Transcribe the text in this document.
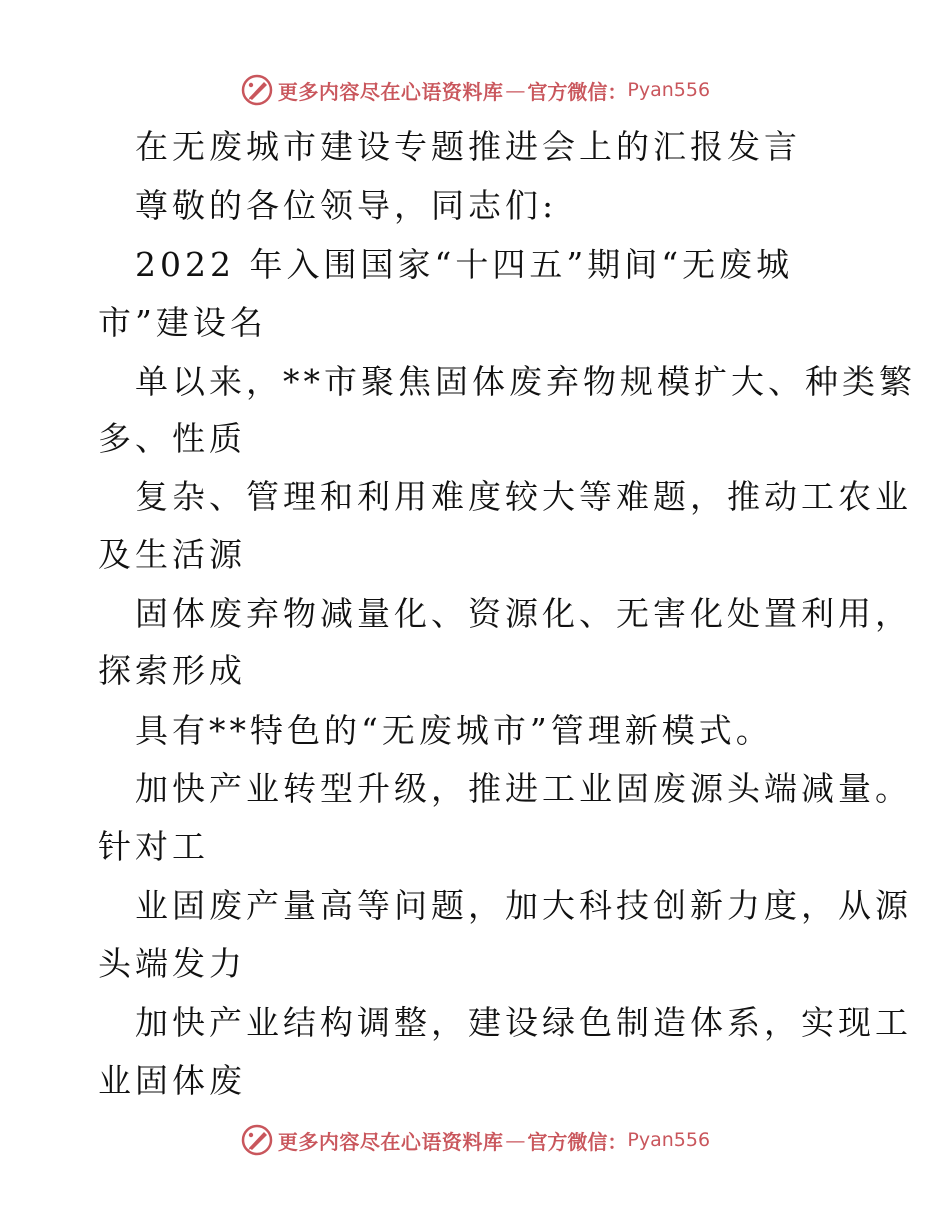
更多内容尽在心语资料库 — 官方微信： Pyan556
在无废城市建设专题推进会上的汇报发言
尊敬的各位领导，同志们:
2022 年入围国家“十四五”期间“无废城
市”建设名
单以来，**市聚焦固体废弃物规模扩大、种类繁
多、性质
复杂、管理和利用难度较大等难题，推动工农业
及生活源
固体废弃物减量化、资源化、无害化处置利用，
探索形成
具有**特色的“无废城市”管理新模式。
加快产业转型升级，推进工业固废源头端减量。
针对工
业固废产量高等问题，加大科技创新力度，从源
头端发力
加快产业结构调整，建设绿色制造体系，实现工
业固体废
更多内容尽在心语资料库 — 官方微信： Pyan556
